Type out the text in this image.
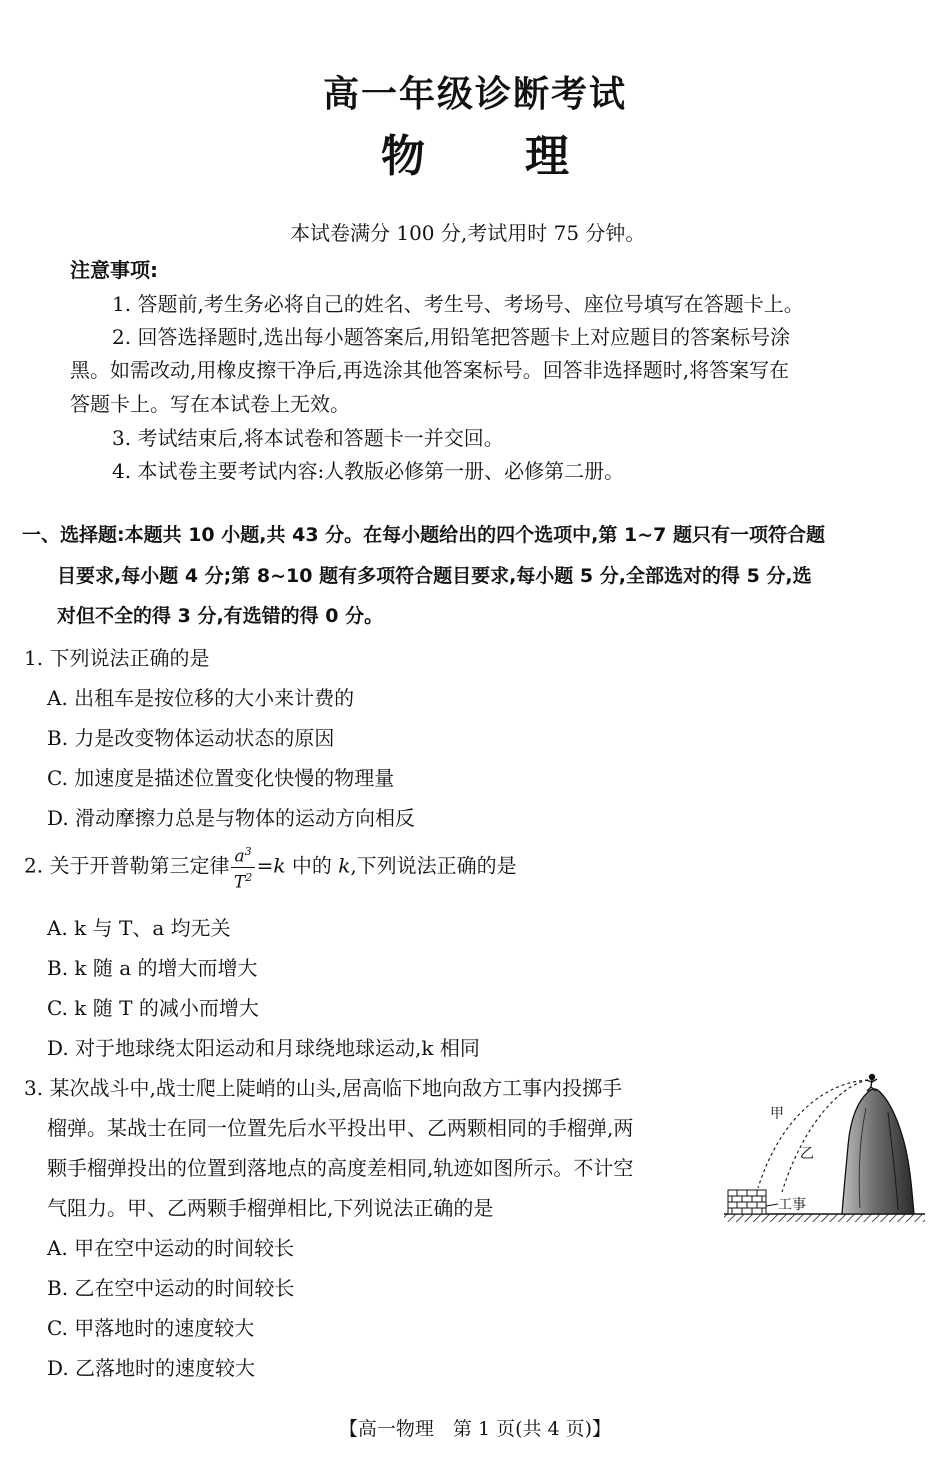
高一年级诊断考试
物 理
本试卷满分 100 分,考试用时 75 分钟。
注意事项:
1. 答题前,考生务必将自己的姓名、考生号、考场号、座位号填写在答题卡上。
2. 回答选择题时,选出每小题答案后,用铅笔把答题卡上对应题目的答案标号涂
黑。如需改动,用橡皮擦干净后,再选涂其他答案标号。回答非选择题时,将答案写在
答题卡上。写在本试卷上无效。
3. 考试结束后,将本试卷和答题卡一并交回。
4. 本试卷主要考试内容:人教版必修第一册、必修第二册。
一、选择题:本题共 10 小题,共 43 分。在每小题给出的四个选项中,第 1~7 题只有一项符合题
目要求,每小题 4 分;第 8~10 题有多项符合题目要求,每小题 5 分,全部选对的得 5 分,选
对但不全的得 3 分,有选错的得 0 分。
1. 下列说法正确的是
A. 出租车是按位移的大小来计费的
B. 力是改变物体运动状态的原因
C. 加速度是描述位置变化快慢的物理量
D. 滑动摩擦力总是与物体的运动方向相反
2. 关于开普勒第三定律 $\frac{a^3}{T^2} =k$ 中的 k,下列说法正确的是
A. k 与 T、a 均无关
B. k 随 a 的增大而增大
C. k 随 T 的减小而增大
D. 对于地球绕太阳运动和月球绕地球运动,k 相同
3. 某次战斗中,战士爬上陡峭的山头,居高临下地向敌方工事内投掷手
榴弹。某战士在同一位置先后水平投出甲、乙两颗相同的手榴弹,两
颗手榴弹投出的位置到落地点的高度差相同,轨迹如图所示。不计空
气阻力。甲、乙两颗手榴弹相比,下列说法正确的是
A. 甲在空中运动的时间较长
B. 乙在空中运动的时间较长
C. 甲落地时的速度较大
D. 乙落地时的速度较大
甲
乙
工事
【高一物理　第 1 页(共 4 页)】
